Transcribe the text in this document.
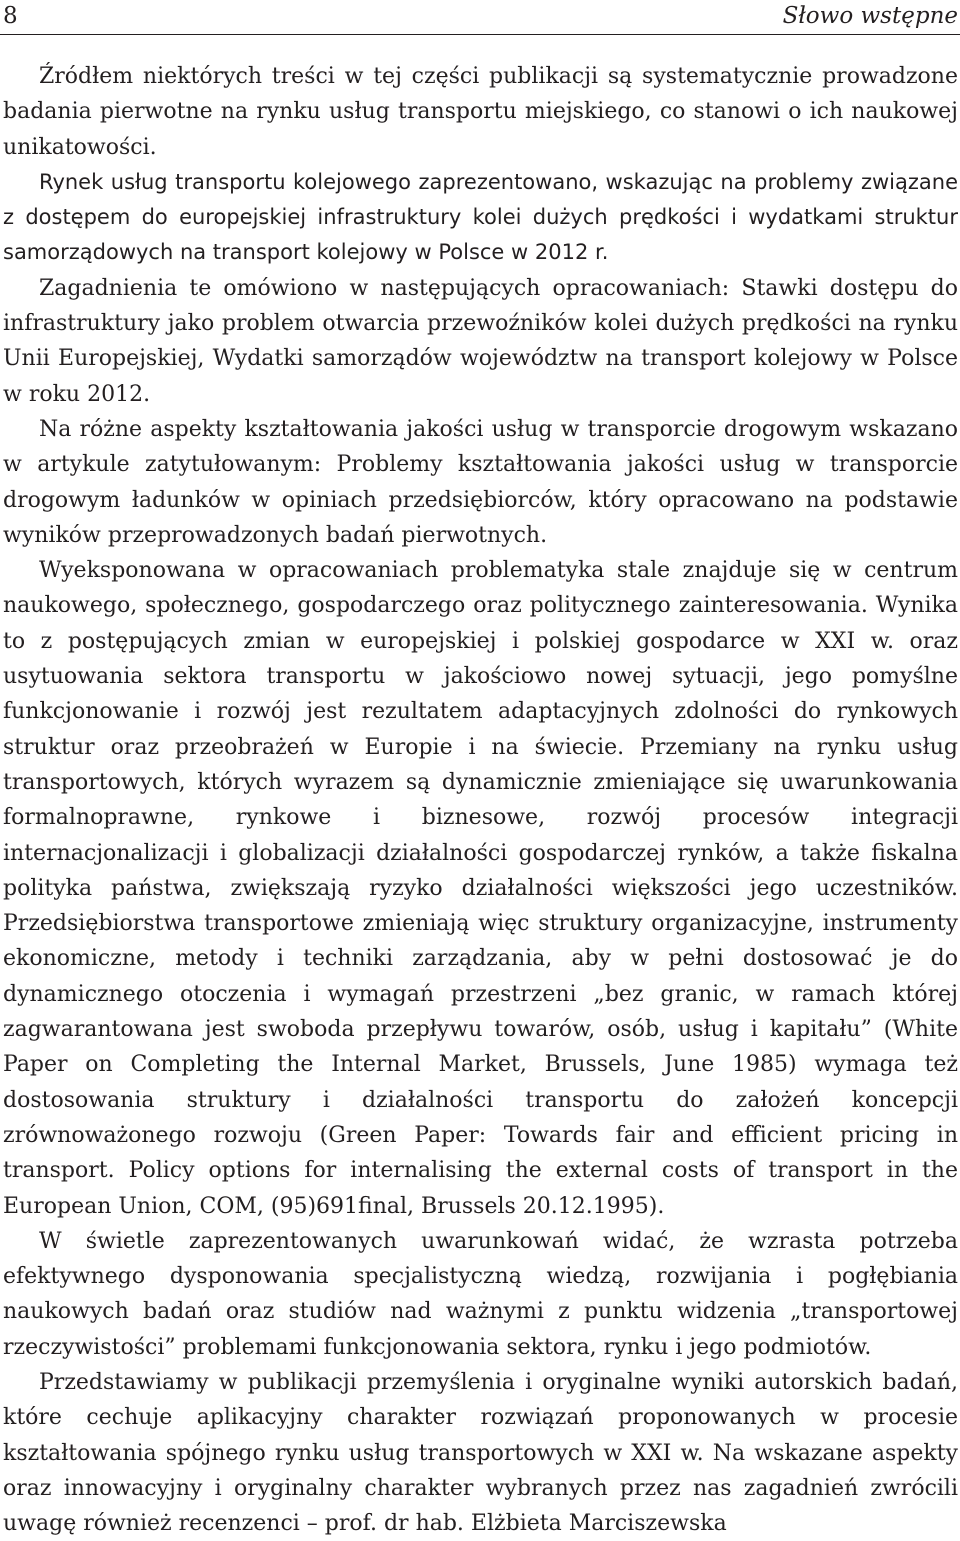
8	Słowo wstępne

Źródłem niektórych treści w tej części publikacji są systematycznie prowadzone badania pierwotne na rynku usług transportu miejskiego, co stanowi o ich naukowej unikatowości.

Rynek usług transportu kolejowego zaprezentowano, wskazując na problemy związane z dostępem do europejskiej infrastruktury kolei dużych prędkości i wydatkami struktur samorządowych na transport kolejowy w Polsce w 2012 r.

Zagadnienia te omówiono w następujących opracowaniach: Stawki dostępu do infrastruktury jako problem otwarcia przewoźników kolei dużych prędkości na rynku Unii Europejskiej, Wydatki samorządów województw na transport kolejowy w Polsce w roku 2012.

Na różne aspekty kształtowania jakości usług w transporcie drogowym wskazano w artykule zatytułowanym: Problemy kształtowania jakości usług w transporcie drogowym ładunków w opiniach przedsiębiorców, który opracowano na podstawie wyników przeprowadzonych badań pierwotnych.

Wyeksponowana w opracowaniach problematyka stale znajduje się w centrum naukowego, społecznego, gospodarczego oraz politycznego zainteresowania. Wynika to z postępujących zmian w europejskiej i polskiej gospodarce w XXI w. oraz usytuowania sektora transportu w jakościowo nowej sytuacji, jego pomyślne funkcjonowanie i rozwój jest rezultatem adaptacyjnych zdolności do rynkowych struktur oraz przeobrażeń w Europie i na świecie. Przemiany na rynku usług transportowych, których wyrazem są dynamicznie zmieniające się uwarunkowania formalnoprawne, rynkowe i biznesowe, rozwój procesów integracji internacjonalizacji i globalizacji działalności gospodarczej rynków, a także fiskalna polityka państwa, zwiększają ryzyko działalności większości jego uczestników. Przedsiębiorstwa transportowe zmieniają więc struktury organizacyjne, instrumenty ekonomiczne, metody i techniki zarządzania, aby w pełni dostosować je do dynamicznego otoczenia i wymagań przestrzeni „bez granic, w ramach której zagwarantowana jest swoboda przepływu towarów, osób, usług i kapitału” (White Paper on Completing the Internal Market, Brussels, June 1985) wymaga też dostosowania struktury i działalności transportu do założeń koncepcji zrównoważonego rozwoju (Green Paper: Towards fair and efficient pricing in transport. Policy options for internalising the external costs of transport in the European Union, COM, (95)691final, Brussels 20.12.1995).

W świetle zaprezentowanych uwarunkowań widać, że wzrasta potrzeba efektywnego dysponowania specjalistyczną wiedzą, rozwijania i pogłębiania naukowych badań oraz studiów nad ważnymi z punktu widzenia „transportowej rzeczywistości” problemami funkcjonowania sektora, rynku i jego podmiotów.

Przedstawiamy w publikacji przemyślenia i oryginalne wyniki autorskich badań, które cechuje aplikacyjny charakter rozwiązań proponowanych w procesie kształtowania spójnego rynku usług transportowych w XXI w. Na wskazane aspekty oraz innowacyjny i oryginalny charakter wybranych przez nas zagadnień zwrócili uwagę również recenzenci – prof. dr hab. Elżbieta Marciszewska
